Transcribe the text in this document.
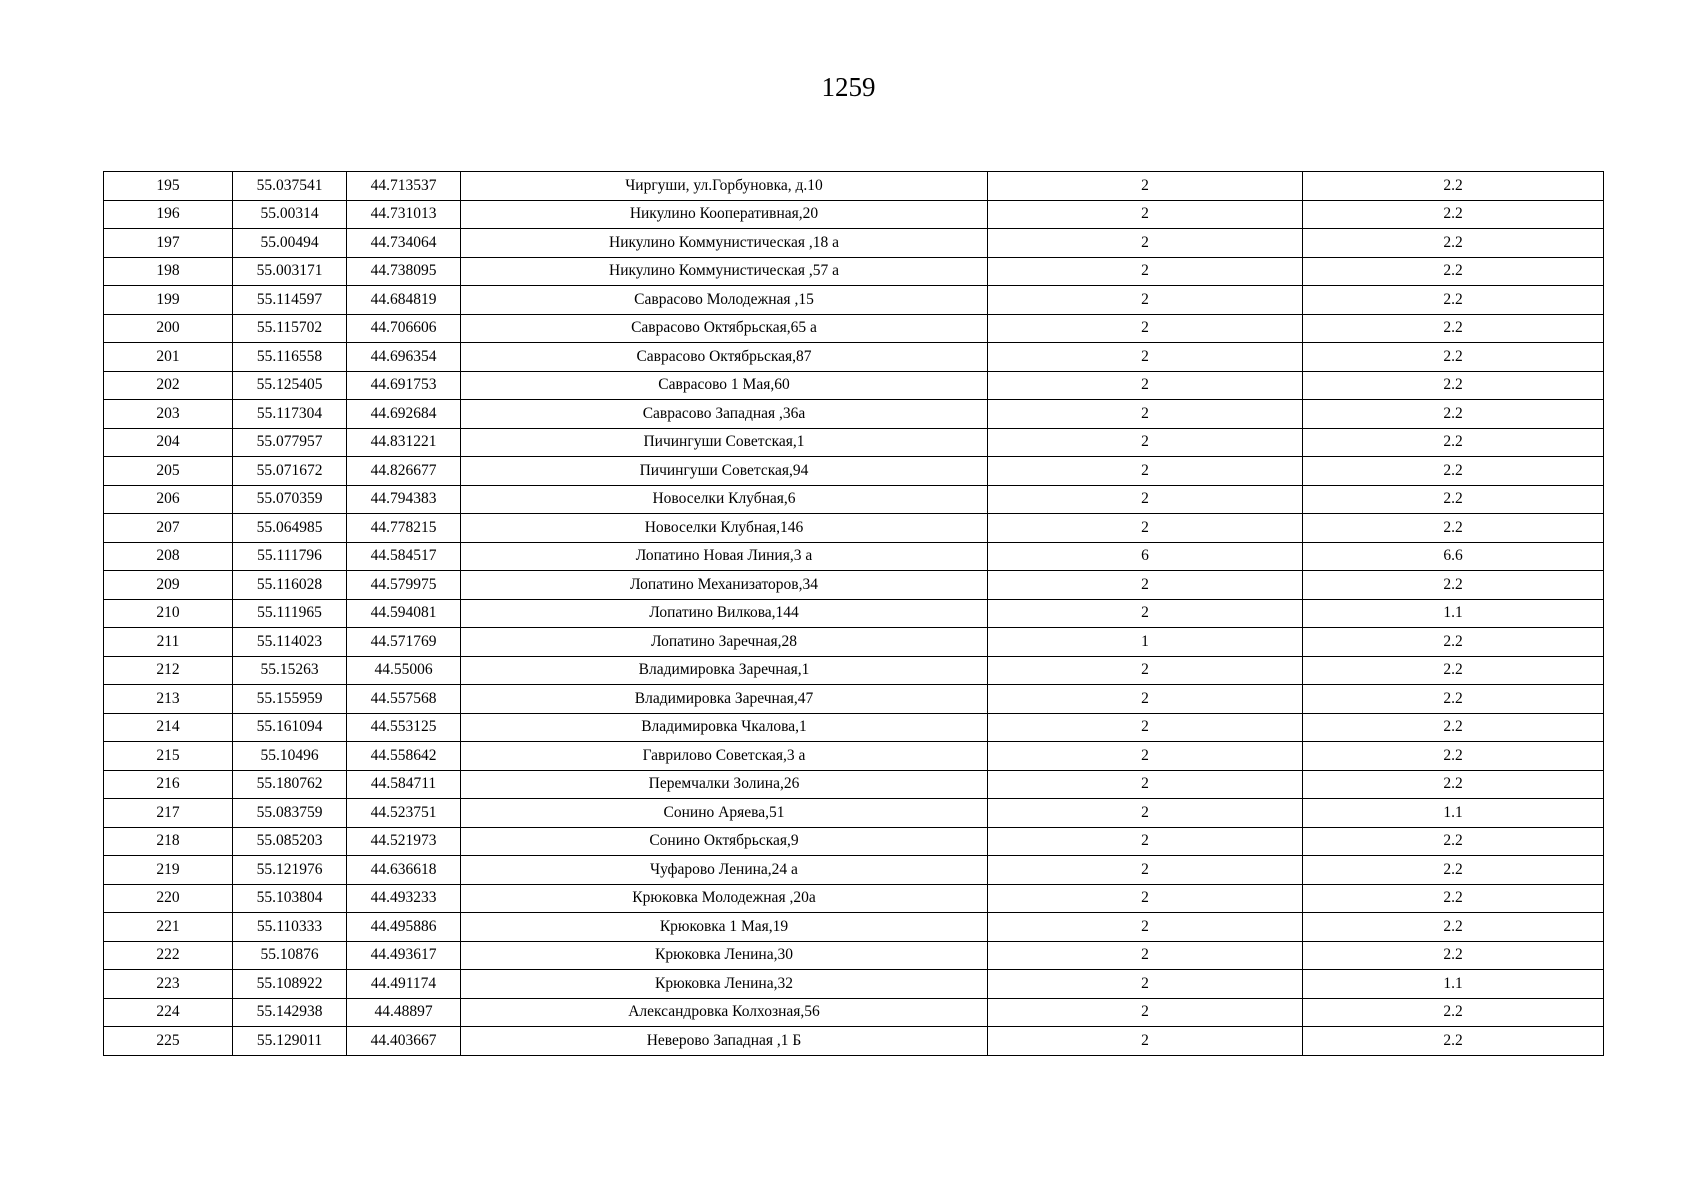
1259
195	55.037541	44.713537	Чиргуши, ул.Горбуновка, д.10	2	2.2
196	55.00314	44.731013	Никулино Кооперативная,20	2	2.2
197	55.00494	44.734064	Никулино Коммунистическая ,18 а	2	2.2
198	55.003171	44.738095	Никулино Коммунистическая ,57 а	2	2.2
199	55.114597	44.684819	Саврасово Молодежная ,15	2	2.2
200	55.115702	44.706606	Саврасово Октябрьская,65 а	2	2.2
201	55.116558	44.696354	Саврасово Октябрьская,87	2	2.2
202	55.125405	44.691753	Саврасово 1 Мая,60	2	2.2
203	55.117304	44.692684	Саврасово Западная ,36а	2	2.2
204	55.077957	44.831221	Пичингуши Советская,1	2	2.2
205	55.071672	44.826677	Пичингуши Советская,94	2	2.2
206	55.070359	44.794383	Новоселки Клубная,6	2	2.2
207	55.064985	44.778215	Новоселки Клубная,146	2	2.2
208	55.111796	44.584517	Лопатино Новая Линия,3 а	6	6.6
209	55.116028	44.579975	Лопатино Механизаторов,34	2	2.2
210	55.111965	44.594081	Лопатино Вилкова,144	2	1.1
211	55.114023	44.571769	Лопатино Заречная,28	1	2.2
212	55.15263	44.55006	Владимировка Заречная,1	2	2.2
213	55.155959	44.557568	Владимировка Заречная,47	2	2.2
214	55.161094	44.553125	Владимировка Чкалова,1	2	2.2
215	55.10496	44.558642	Гаврилово Советская,3 а	2	2.2
216	55.180762	44.584711	Перемчалки Золина,26	2	2.2
217	55.083759	44.523751	Сонино Аряева,51	2	1.1
218	55.085203	44.521973	Сонино Октябрьская,9	2	2.2
219	55.121976	44.636618	Чуфарово Ленина,24 а	2	2.2
220	55.103804	44.493233	Крюковка Молодежная ,20а	2	2.2
221	55.110333	44.495886	Крюковка 1 Мая,19	2	2.2
222	55.10876	44.493617	Крюковка Ленина,30	2	2.2
223	55.108922	44.491174	Крюковка Ленина,32	2	1.1
224	55.142938	44.48897	Александровка Колхозная,56	2	2.2
225	55.129011	44.403667	Неверово Западная ,1 Б	2	2.2
